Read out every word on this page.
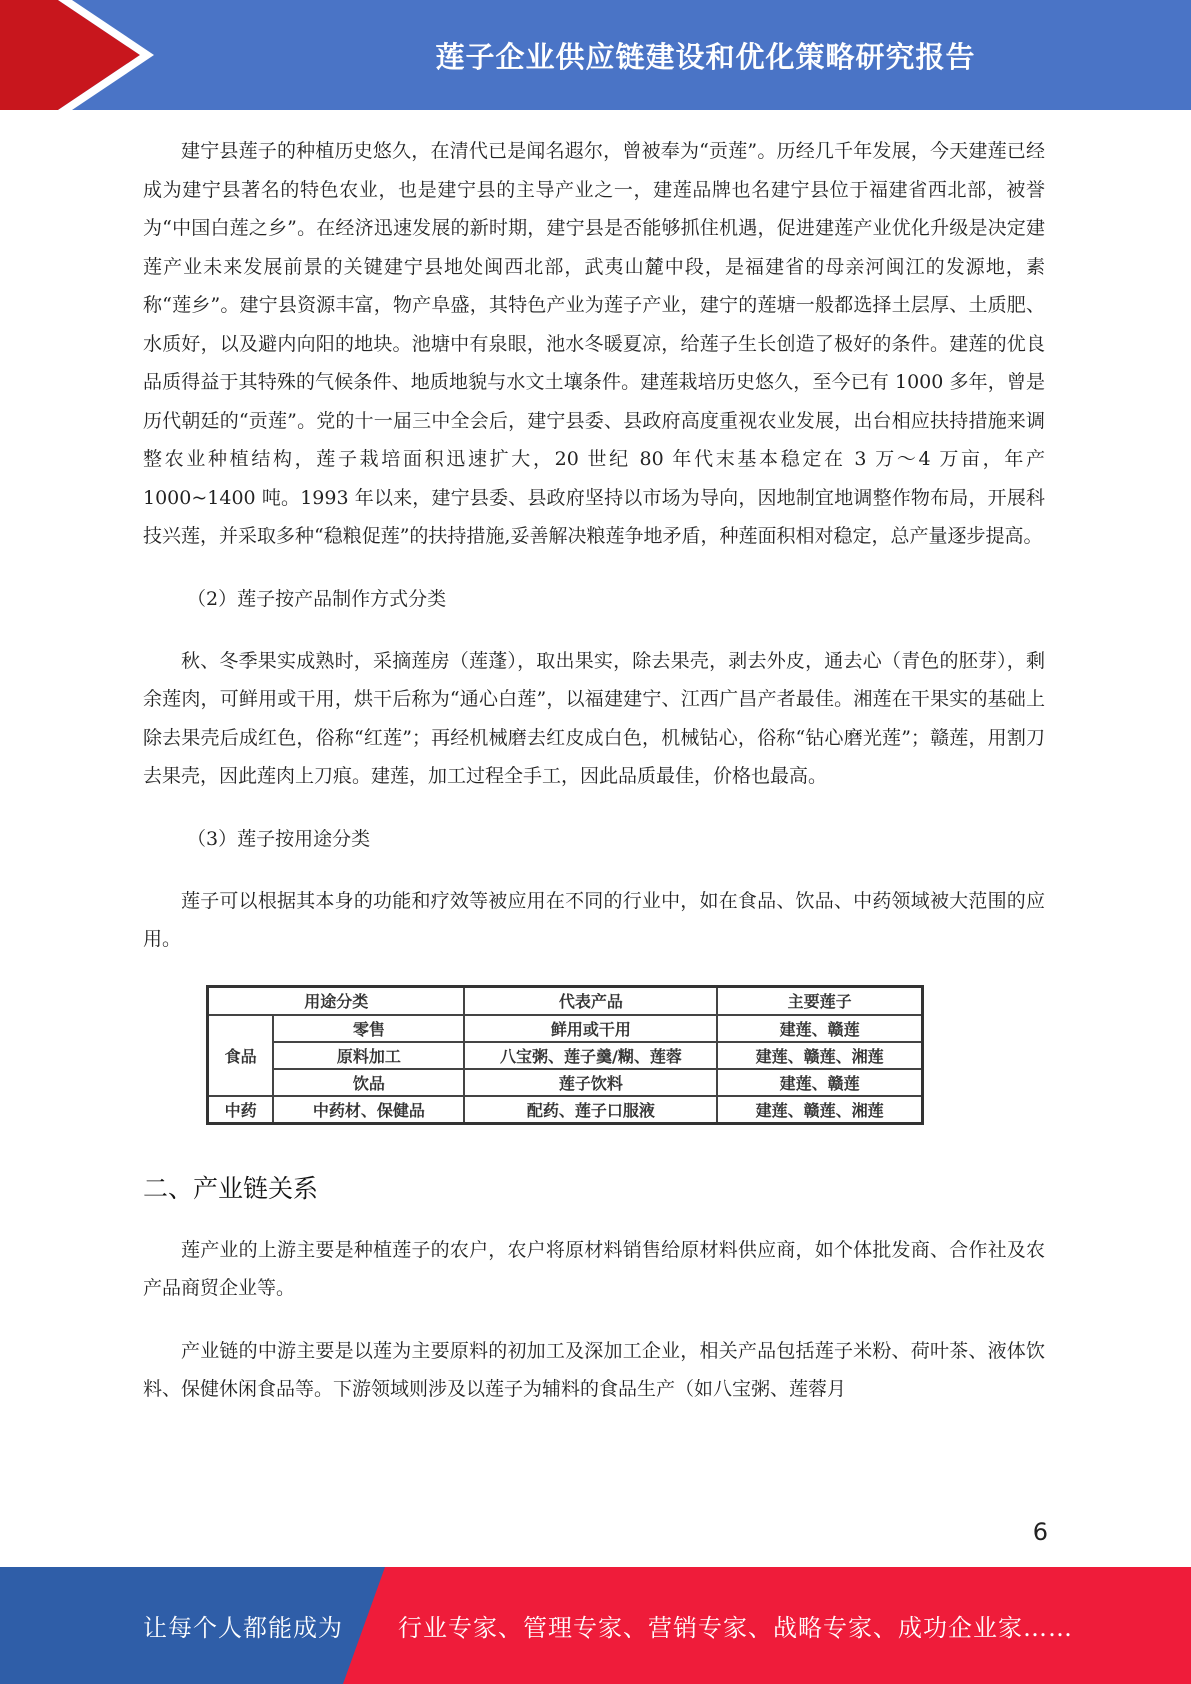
莲子企业供应链建设和优化策略研究报告

建宁县莲子的种植历史悠久，在清代已是闻名遐尔，曾被奉为“贡莲”。历经几千年发展，今天建莲已经成为建宁县著名的特色农业，也是建宁县的主导产业之一，建莲品牌也名建宁县位于福建省西北部，被誉为“中国白莲之乡”。在经济迅速发展的新时期，建宁县是否能够抓住机遇，促进建莲产业优化升级是决定建莲产业未来发展前景的关键建宁县地处闽西北部，武夷山麓中段，是福建省的母亲河闽江的发源地，素称“莲乡”。建宁县资源丰富，物产阜盛，其特色产业为莲子产业，建宁的莲塘一般都选择土层厚、土质肥、水质好，以及避内向阳的地块。池塘中有泉眼，池水冬暖夏凉，给莲子生长创造了极好的条件。建莲的优良品质得益于其特殊的气候条件、地质地貌与水文土壤条件。建莲栽培历史悠久，至今已有 1000 多年，曾是历代朝廷的“贡莲”。党的十一届三中全会后，建宁县委、县政府高度重视农业发展，出台相应扶持措施来调整农业种植结构，莲子栽培面积迅速扩大，20 世纪 80 年代末基本稳定在 3 万～4 万亩，年产 1000~1400 吨。1993 年以来，建宁县委、县政府坚持以市场为导向，因地制宜地调整作物布局，开展科技兴莲，并采取多种“稳粮促莲”的扶持措施,妥善解决粮莲争地矛盾，种莲面积相对稳定，总产量逐步提高。

（2）莲子按产品制作方式分类

秋、冬季果实成熟时，采摘莲房（莲蓬），取出果实，除去果壳，剥去外皮，通去心（青色的胚芽），剩余莲肉，可鲜用或干用，烘干后称为“通心白莲”，以福建建宁、江西广昌产者最佳。湘莲在干果实的基础上除去果壳后成红色，俗称“红莲”；再经机械磨去红皮成白色，机械钻心，俗称“钻心磨光莲”；赣莲，用割刀去果壳，因此莲肉上刀痕。建莲，加工过程全手工，因此品质最佳，价格也最高。

（3）莲子按用途分类

莲子可以根据其本身的功能和疗效等被应用在不同的行业中，如在食品、饮品、中药领域被大范围的应用。

用途分类		代表产品	主要莲子
食品	零售	鲜用或干用	建莲、赣莲
	原料加工	八宝粥、莲子羹/糊、莲蓉	建莲、赣莲、湘莲
	饮品	莲子饮料	建莲、赣莲
中药	中药材、保健品	配药、莲子口服液	建莲、赣莲、湘莲
二、产业链关系

莲产业的上游主要是种植莲子的农户，农户将原材料销售给原材料供应商，如个体批发商、合作社及农产品商贸企业等。

产业链的中游主要是以莲为主要原料的初加工及深加工企业，相关产品包括莲子米粉、荷叶茶、液体饮料、保健休闲食品等。下游领域则涉及以莲子为辅料的食品生产（如八宝粥、莲蓉月

6
让每个人都能成为 行业专家、管理专家、营销专家、战略专家、成功企业家……
